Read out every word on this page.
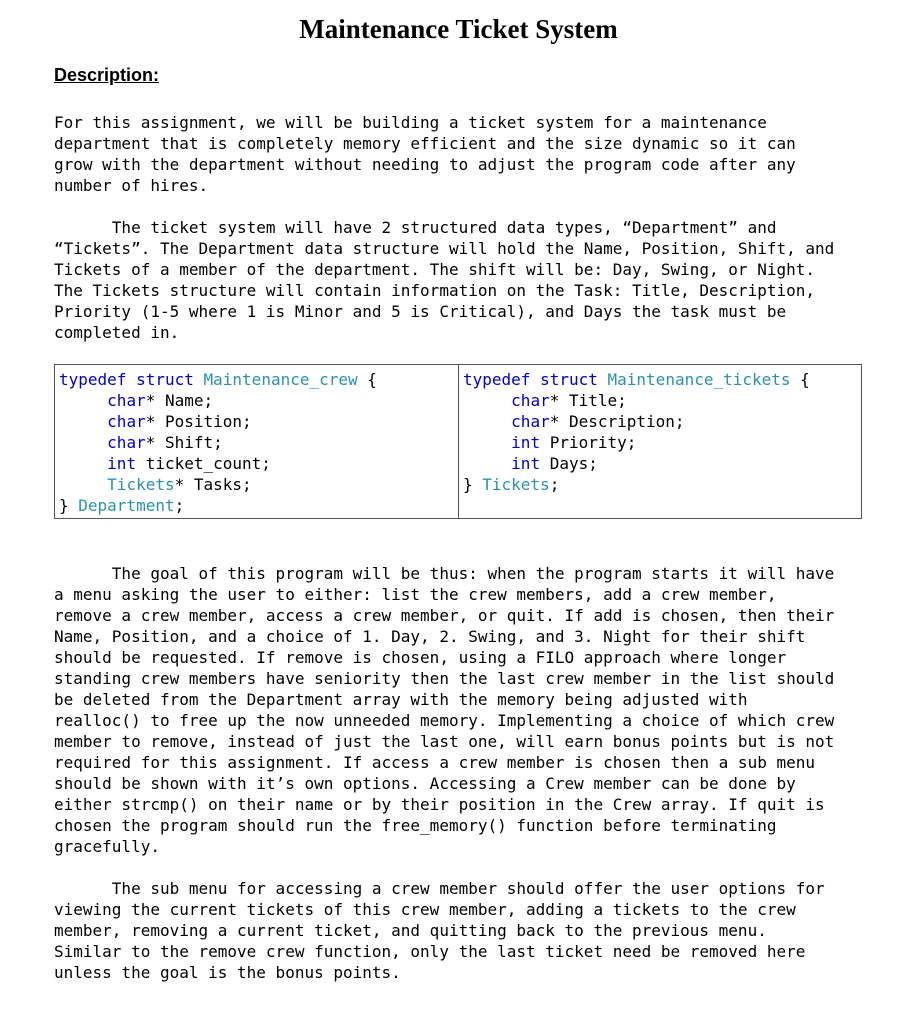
Maintenance Ticket System
Description:

For this assignment, we will be building a ticket system for a maintenance
department that is completely memory efficient and the size dynamic so it can
grow with the department without needing to adjust the program code after any
number of hires.

The ticket system will have 2 structured data types, “Department” and
“Tickets”. The Department data structure will hold the Name, Position, Shift, and
Tickets of a member of the department. The shift will be: Day, Swing, or Night.
The Tickets structure will contain information on the Task: Title, Description,
Priority (1-5 where 1 is Minor and 5 is Critical), and Days the task must be
completed in.

typedef struct Maintenance_crew {
char* Name;
char* Position;
char* Shift;
int ticket_count;
Tickets* Tasks;
} Department;
typedef struct Maintenance_tickets {
char* Title;
char* Description;
int Priority;
int Days;
} Tickets;

The goal of this program will be thus: when the program starts it will have
a menu asking the user to either: list the crew members, add a crew member,
remove a crew member, access a crew member, or quit. If add is chosen, then their
Name, Position, and a choice of 1. Day, 2. Swing, and 3. Night for their shift
should be requested. If remove is chosen, using a FILO approach where longer
standing crew members have seniority then the last crew member in the list should
be deleted from the Department array with the memory being adjusted with
realloc() to free up the now unneeded memory. Implementing a choice of which crew
member to remove, instead of just the last one, will earn bonus points but is not
required for this assignment. If access a crew member is chosen then a sub menu
should be shown with it’s own options. Accessing a Crew member can be done by
either strcmp() on their name or by their position in the Crew array. If quit is
chosen the program should run the free_memory() function before terminating
gracefully.

The sub menu for accessing a crew member should offer the user options for
viewing the current tickets of this crew member, adding a tickets to the crew
member, removing a current ticket, and quitting back to the previous menu.
Similar to the remove crew function, only the last ticket need be removed here
unless the goal is the bonus points.
